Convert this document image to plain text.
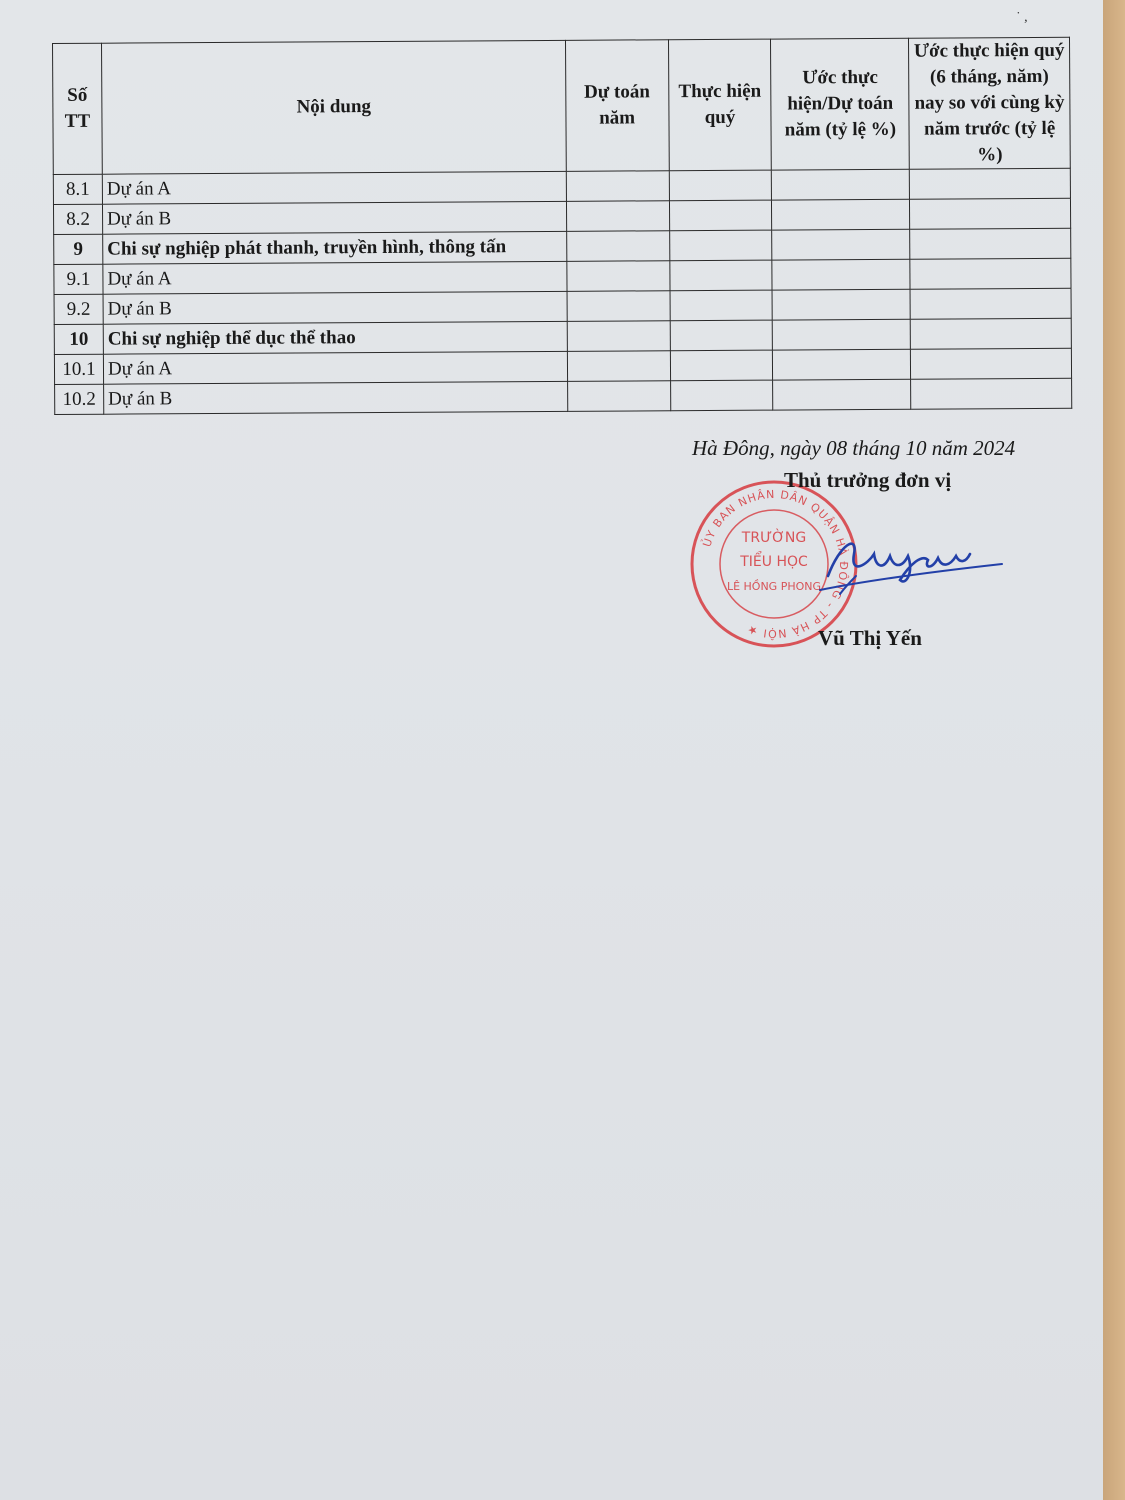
Số TT	Nội dung	Dự toán năm	Thực hiện quý	Ước thực hiện/Dự toán năm (tỷ lệ %)	Ước thực hiện quý (6 tháng, năm) nay so với cùng kỳ năm trước (tỷ lệ %)
8.1	Dự án A				
8.2	Dự án B				
9	Chi sự nghiệp phát thanh, truyền hình, thông tấn				
9.1	Dự án A				
9.2	Dự án B				
10	Chi sự nghiệp thể dục thể thao				
10.1	Dự án A				
10.2	Dự án B				
Hà Đông, ngày 08 tháng 10 năm 2024
ỦY BAN NHÂN DÂN QUẬN HÀ ĐÔNG - TP HÀ NỘI ★
TRƯỜNG
TIỂU HỌC
LÊ HỒNG PHONG
Thủ trưởng đơn vị
Vũ Thị Yến
˙ ,
